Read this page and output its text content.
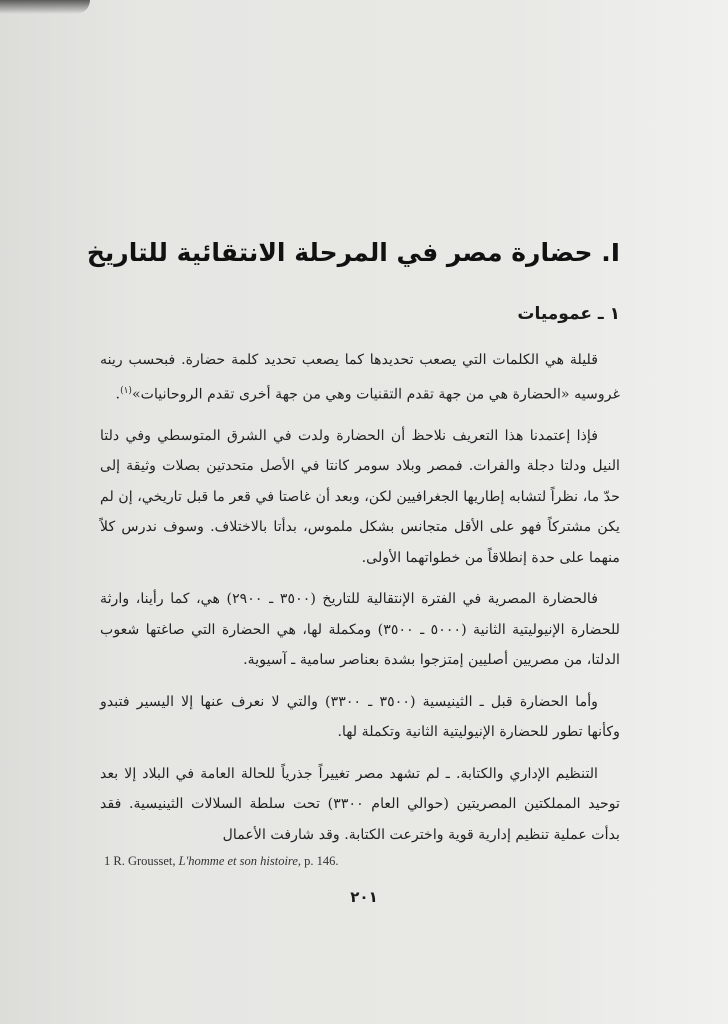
I. حضارة مصر في المرحلة الانتقائية للتاريخ
١ ـ عموميات

قليلة هي الكلمات التي يصعب تحديدها كما يصعب تحديد كلمة حضارة. فبحسب رينه غروسيه «الحضارة هي من جهة تقدم التقنيات وهي من جهة أخرى تقدم الروحانيات»$^{(١)}$.

فإذا إعتمدنا هذا التعريف نلاحظ أن الحضارة ولدت في الشرق المتوسطي وفي دلتا النيل ودلتا دجلة والفرات. فمصر وبلاد سومر كانتا في الأصل متحدتين بصلات وثيقة إلى حدّ ما، نظراً لتشابه إطاريها الجغرافيين لكن، وبعد أن غاصتا في قعر ما قبل تاريخي، إن لم يكن مشتركاً فهو على الأقل متجانس بشكل ملموس، بدأتا بالاختلاف. وسوف ندرس كلاً منهما على حدة إنطلاقاً من خطواتهما الأولى.

فالحضارة المصرية في الفترة الإنتقالية للتاريخ (٣٥٠٠ ـ ٢٩٠٠) هي، كما رأينا، وارثة للحضارة الإنيوليتية الثانية (٥٠٠٠ ـ ٣٥٠٠) ومكملة لها، هي الحضارة التي صاغتها شعوب الدلتا، من مصريين أصليين إمتزجوا بشدة بعناصر سامية ـ آسيوية.

وأما الحضارة قبل ـ الثينيسية (٣٥٠٠ ـ ٣٣٠٠) والتي لا نعرف عنها إلا اليسير فتبدو وكأنها تطور للحضارة الإنيوليتية الثانية وتكملة لها.

التنظيم الإداري والكتابة. ـ لم تشهد مصر تغييراً جذرياً للحالة العامة في البلاد إلا بعد توحيد المملكتين المصريتين (حوالي العام ٣٣٠٠) تحت سلطة السلالات الثينيسية. فقد بدأت عملية تنظيم إدارية قوية واخترعت الكتابة. وقد شارفت الأعمال

1 R. Grousset, L'homme et son histoire, p. 146.
٢٠١
